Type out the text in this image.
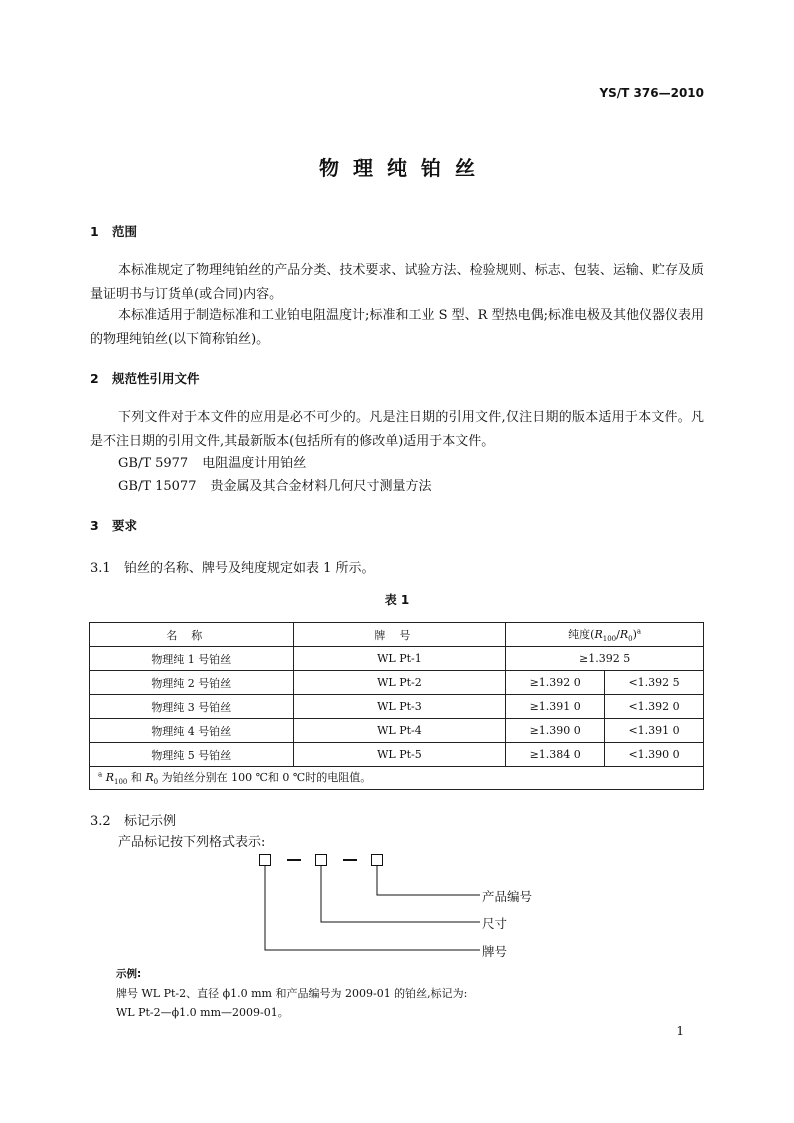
YS/T 376—2010
物理纯铂丝
1 范围

本标准规定了物理纯铂丝的产品分类、技术要求、试验方法、检验规则、标志、包装、运输、贮存及质量证明书与订货单(或合同)内容。

本标准适用于制造标准和工业铂电阻温度计;标准和工业 S 型、R 型热电偶;标准电极及其他仪器仪表用的物理纯铂丝(以下简称铂丝)。

2 规范性引用文件

下列文件对于本文件的应用是必不可少的。凡是注日期的引用文件,仅注日期的版本适用于本文件。凡是不注日期的引用文件,其最新版本(包括所有的修改单)适用于本文件。

GB/T 5977 电阻温度计用铂丝
GB/T 15077 贵金属及其合金材料几何尺寸测量方法
3 要求
3.1 铂丝的名称、牌号及纯度规定如表 1 所示。
表 1
名称	牌号	纯度$(R_{100}/R_0)^a$
物理纯 1 号铂丝	WL Pt-1	≥1.392 5	
物理纯 2 号铂丝	WL Pt-2	≥1.392 0	<1.392 5
物理纯 3 号铂丝	WL Pt-3	≥1.391 0	<1.392 0
物理纯 4 号铂丝	WL Pt-4	≥1.390 0	<1.391 0
物理纯 5 号铂丝	WL Pt-5	≥1.384 0	<1.390 0
$^a$ $R_{100}$ 和 $R_0$ 为铂丝分别在 100 ℃和 0 ℃时的电阻值。			
3.2 标记示例
产品标记按下列格式表示:
产品编号
尺寸
牌号
示例:
牌号 WL Pt-2、直径 ϕ1.0 mm 和产品编号为 2009-01 的铂丝,标记为:
WL Pt-2—ϕ1.0 mm—2009-01。
1
